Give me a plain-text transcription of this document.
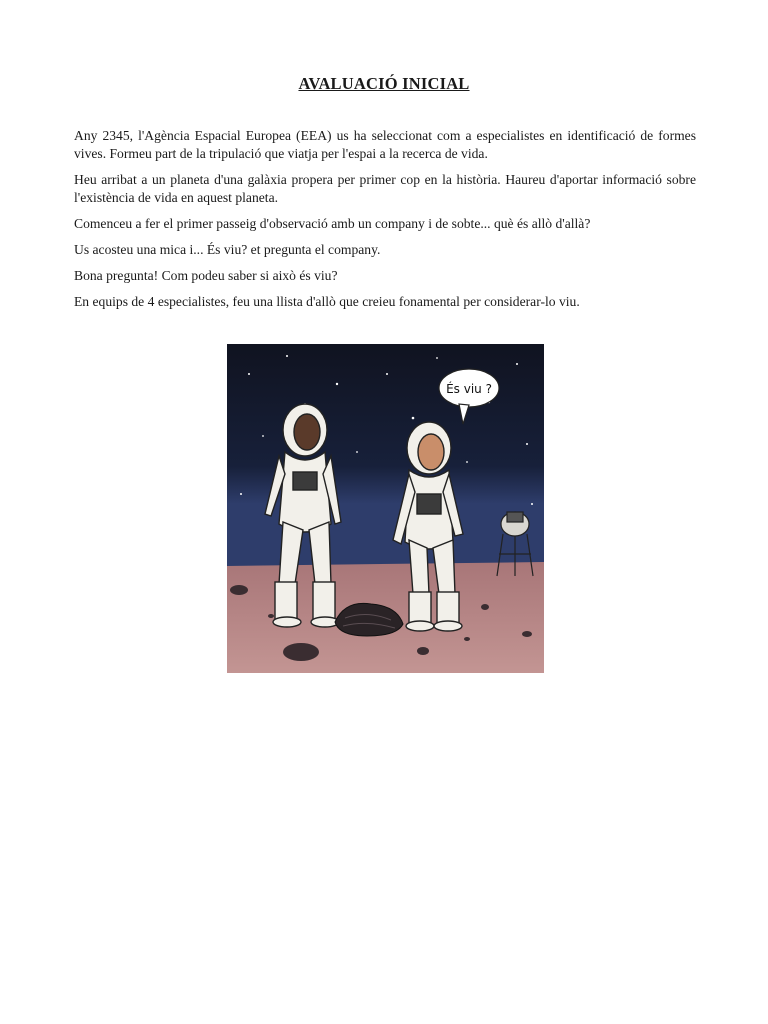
AVALUACIÓ INICIAL

Any 2345, l'Agència Espacial Europea (EEA) us ha seleccionat com a especialistes en identificació de formes vives. Formeu part de la tripulació que viatja per l'espai a la recerca de vida.

Heu arribat a un planeta d'una galàxia propera per primer cop en la història. Haureu d'aportar informació sobre l'existència de vida en aquest planeta.

Comenceu a fer el primer passeig d'observació amb un company i de sobte... què és allò d'allà?

Us acosteu una mica i... És viu? et pregunta el company.

Bona pregunta! Com podeu saber si això és viu?

En equips de 4 especialistes, feu una llista d'allò que creieu fonamental per considerar-lo viu.

És viu ?
